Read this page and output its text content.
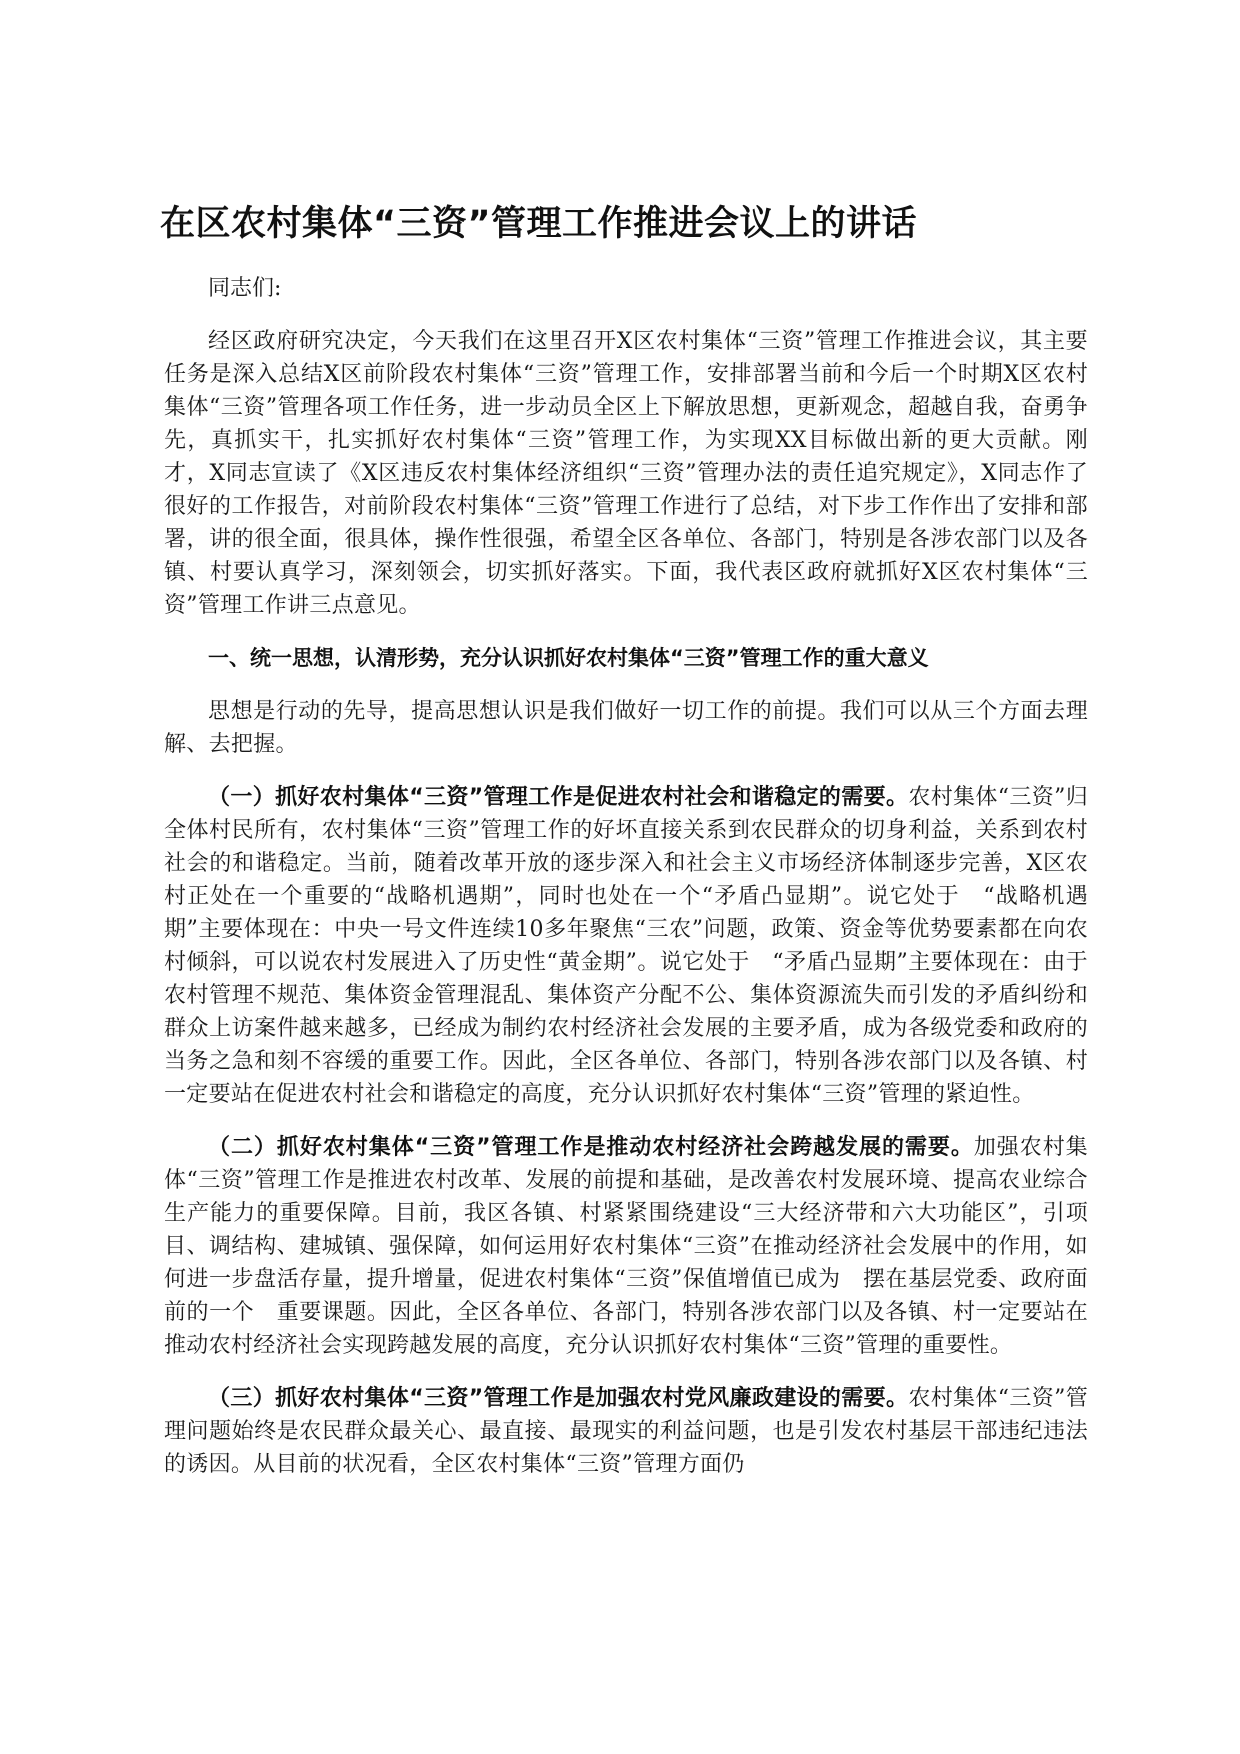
在区农村集体“三资”管理工作推进会议上的讲话

同志们:

经区政府研究决定，今天我们在这里召开X区农村集体“三资”管理工作推进会议，其主要任务是深入总结X区前阶段农村集体“三资”管理工作，安排部署当前和今后一个时期X区农村集体“三资”管理各项工作任务，进一步动员全区上下解放思想，更新观念，超越自我，奋勇争先，真抓实干，扎实抓好农村集体“三资”管理工作，为实现XX目标做出新的更大贡献。刚才，X同志宣读了《X区违反农村集体经济组织“三资”管理办法的责任追究规定》，X同志作了很好的工作报告，对前阶段农村集体“三资”管理工作进行了总结，对下步工作作出了安排和部署，讲的很全面，很具体，操作性很强，希望全区各单位、各部门，特别是各涉农部门以及各镇、村要认真学习，深刻领会，切实抓好落实。下面，我代表区政府就抓好X区农村集体“三资”管理工作讲三点意见。

一、统一思想，认清形势，充分认识抓好农村集体“三资”管理工作的重大意义

思想是行动的先导，提高思想认识是我们做好一切工作的前提。我们可以从三个方面去理解、去把握。

（一）抓好农村集体“三资”管理工作是促进农村社会和谐稳定的需要。农村集体“三资”归全体村民所有，农村集体“三资”管理工作的好坏直接关系到农民群众的切身利益，关系到农村社会的和谐稳定。当前，随着改革开放的逐步深入和社会主义市场经济体制逐步完善，X区农村正处在一个重要的“战略机遇期”，同时也处在一个“矛盾凸显期”。说它处于　“战略机遇期”主要体现在：中央一号文件连续10多年聚焦“三农”问题，政策、资金等优势要素都在向农村倾斜，可以说农村发展进入了历史性“黄金期”。说它处于　“矛盾凸显期”主要体现在：由于农村管理不规范、集体资金管理混乱、集体资产分配不公、集体资源流失而引发的矛盾纠纷和群众上访案件越来越多，已经成为制约农村经济社会发展的主要矛盾，成为各级党委和政府的当务之急和刻不容缓的重要工作。因此，全区各单位、各部门，特别各涉农部门以及各镇、村一定要站在促进农村社会和谐稳定的高度，充分认识抓好农村集体“三资”管理的紧迫性。

（二）抓好农村集体“三资”管理工作是推动农村经济社会跨越发展的需要。加强农村集体“三资”管理工作是推进农村改革、发展的前提和基础，是改善农村发展环境、提高农业综合生产能力的重要保障。目前，我区各镇、村紧紧围绕建设“三大经济带和六大功能区”，引项目、调结构、建城镇、强保障，如何运用好农村集体“三资”在推动经济社会发展中的作用，如何进一步盘活存量，提升增量，促进农村集体“三资”保值增值已成为　摆在基层党委、政府面前的一个　重要课题。因此，全区各单位、各部门，特别各涉农部门以及各镇、村一定要站在推动农村经济社会实现跨越发展的高度，充分认识抓好农村集体“三资”管理的重要性。

（三）抓好农村集体“三资”管理工作是加强农村党风廉政建设的需要。农村集体“三资”管理问题始终是农民群众最关心、最直接、最现实的利益问题，也是引发农村基层干部违纪违法的诱因。从目前的状况看，全区农村集体“三资”管理方面仍
